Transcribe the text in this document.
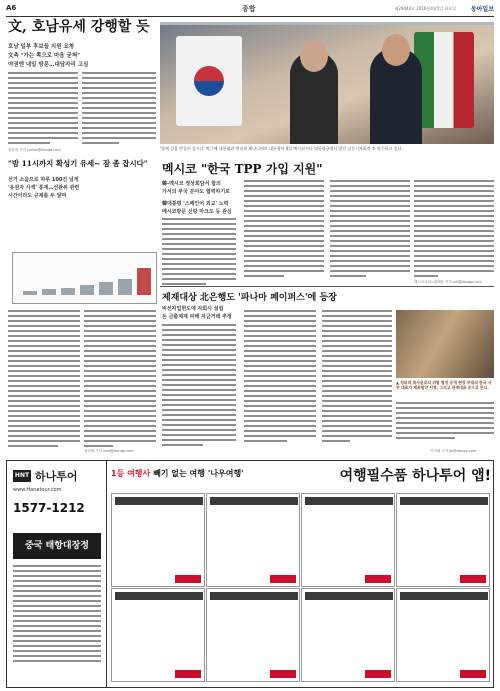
A6	종합	제29444호 2016년4월5일 화요일 동아일보
文, 호남유세 강행할 듯
호남 일부 후보들 지원 요청
文측 "가는 쪽으로 마음 굳혀"
야권엔 내일 방문…대담자리 고심
정윤희 기자 jnahal@donga.com
"밤 11시까지 확성기 유세~ 잠 좀 잡시다"
선거 소음으로 하루 100건 넘게
'유권자 사색' 통계…선관위 관련
시간이라도 규제를 두 달며
정성택 기자 mail@donga.com
'함께 길을 만들어 갑시다' 박근혜 대통령과 엔리케 페냐니에토 대통령이 4일 멕시코시티 대통령궁에서 열린 공동기자회견 후 악수하고 있다.
멕시코 "한국 TPP 가입 지원"
韓-멕시코 정상회담서 합의
가서의 부국 분야도 협력하기로
韓대통령 '스페인어 외교' 노력
메시코방문 신랑 마크도 등 관심
멕시코시티=장택동 기자 will@donga.com
제재대상 北은행도 '파나마 페이퍼스'에 등장
비선자업현도에 자회사 설립
돈 금출제재 피해 자금거래 추정
▲ 청와대 특사끌로의 위협 협정 공개 현장 부대의 한국 사부 대표가 계좌협약 서명, 그리고 관계대표 순으로 뜬다.
이지혜 기자 jjh@donga.com
HNT 하나투어
www.Hanatour.com
1577-1212
중국 태항대장정
1등 여행사 빼기 없는 여행 '나우여행'	여행필수품 하나투어 앱!
